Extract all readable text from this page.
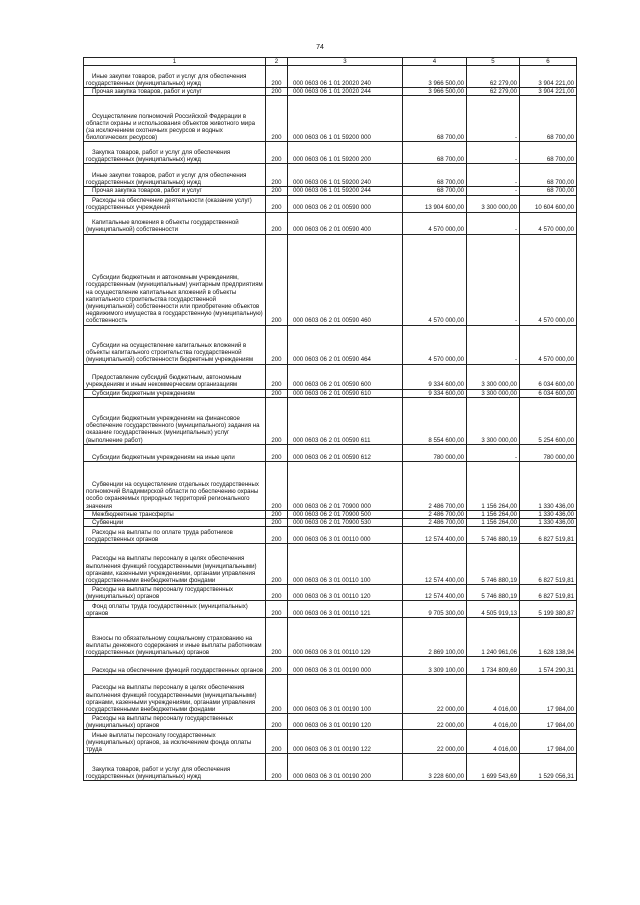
74
1	2	3	4	5	6

Иные закупки товаров, работ и услуг для обеспечения государственных (муниципальных) нужд	200	000 0603 06 1 01 20020 240	3 966 500,00	62 279,00	3 904 221,00

Прочая закупка товаров, работ и услуг	200	000 0603 06 1 01 20020 244	3 966 500,00	62 279,00	3 904 221,00

Осуществление полномочий Российской Федерации в области охраны и использования объектов животного мира (за исключением охотничьих ресурсов и водных биологических ресурсов)	200	000 0603 06 1 01 59200 000	68 700,00	-	68 700,00

Закупка товаров, работ и услуг для обеспечения государственных (муниципальных) нужд	200	000 0603 06 1 01 59200 200	68 700,00	-	68 700,00

Иные закупки товаров, работ и услуг для обеспечения государственных (муниципальных) нужд	200	000 0603 06 1 01 59200 240	68 700,00	-	68 700,00

Прочая закупка товаров, работ и услуг	200	000 0603 06 1 01 59200 244	68 700,00	-	68 700,00

Расходы на обеспечение деятельности (оказание услуг) государственных учреждений	200	000 0603 06 2 01 00590 000	13 904 600,00	3 300 000,00	10 604 600,00

Капитальные вложения в объекты государственной (муниципальной) собственности	200	000 0603 06 2 01 00590 400	4 570 000,00	-	4 570 000,00

Субсидии бюджетным и автономным учреждениям, государственным (муниципальным) унитарным предприятиям на осуществление капитальных вложений в объекты капитального строительства государственной (муниципальной) собственности или приобретение объектов недвижимого имущества в государственную (муниципальную) собственность	200	000 0603 06 2 01 00590 460	4 570 000,00	-	4 570 000,00

Субсидии на осуществление капитальных вложений в объекты капитального строительства государственной (муниципальной) собственности бюджетным учреждениям	200	000 0603 06 2 01 00590 464	4 570 000,00	-	4 570 000,00

Предоставление субсидий бюджетным, автономным учреждениям и иным некоммерческим организациям	200	000 0603 06 2 01 00590 600	9 334 600,00	3 300 000,00	6 034 600,00

Субсидии бюджетным учреждениям	200	000 0603 06 2 01 00590 610	9 334 600,00	3 300 000,00	6 034 600,00

Субсидии бюджетным учреждениям на финансовое обеспечение государственного (муниципального) задания на оказание государственных (муниципальных) услуг (выполнение работ)	200	000 0603 06 2 01 00590 611	8 554 600,00	3 300 000,00	5 254 600,00

Субсидии бюджетным учреждениям на иные цели	200	000 0603 06 2 01 00590 612	780 000,00	-	780 000,00

Субвенции на осуществление отдельных государственных полномочий Владимирской области по обеспечению охраны особо охраняемых природных территорий регионального значения	200	000 0603 06 2 01 70900 000	2 486 700,00	1 156 264,00	1 330 436,00

Межбюджетные трансферты	200	000 0603 06 2 01 70900 500	2 486 700,00	1 156 264,00	1 330 436,00

Субвенции	200	000 0603 06 2 01 70900 530	2 486 700,00	1 156 264,00	1 330 436,00

Расходы на выплаты по оплате труда работников государственных органов	200	000 0603 06 3 01 00110 000	12 574 400,00	5 746 880,19	6 827 519,81

Расходы на выплаты персоналу в целях обеспечения выполнения функций государственными (муниципальными) органами, казенными учреждениями, органами управления государственными внебюджетными фондами	200	000 0603 06 3 01 00110 100	12 574 400,00	5 746 880,19	6 827 519,81

Расходы на выплаты персоналу государственных (муниципальных) органов	200	000 0603 06 3 01 00110 120	12 574 400,00	5 746 880,19	6 827 519,81

Фонд оплаты труда государственных (муниципальных) органов	200	000 0603 06 3 01 00110 121	9 705 300,00	4 505 919,13	5 199 380,87

Взносы по обязательному социальному страхованию на выплаты денежного содержания и иные выплаты работникам государственных (муниципальных) органов	200	000 0603 06 3 01 00110 129	2 869 100,00	1 240 961,06	1 628 138,94

Расходы на обеспечение функций государственных органов	200	000 0603 06 3 01 00190 000	3 309 100,00	1 734 809,69	1 574 290,31

Расходы на выплаты персоналу в целях обеспечения выполнения функций государственными (муниципальными) органами, казенными учреждениями, органами управления государственными внебюджетными фондами	200	000 0603 06 3 01 00190 100	22 000,00	4 016,00	17 984,00

Расходы на выплаты персоналу государственных (муниципальных) органов	200	000 0603 06 3 01 00190 120	22 000,00	4 016,00	17 984,00

Иные выплаты персоналу государственных (муниципальных) органов, за исключением фонда оплаты труда	200	000 0603 06 3 01 00190 122	22 000,00	4 016,00	17 984,00

Закупка товаров, работ и услуг для обеспечения государственных (муниципальных) нужд	200	000 0603 06 3 01 00190 200	3 228 600,00	1 699 543,69	1 529 056,31
